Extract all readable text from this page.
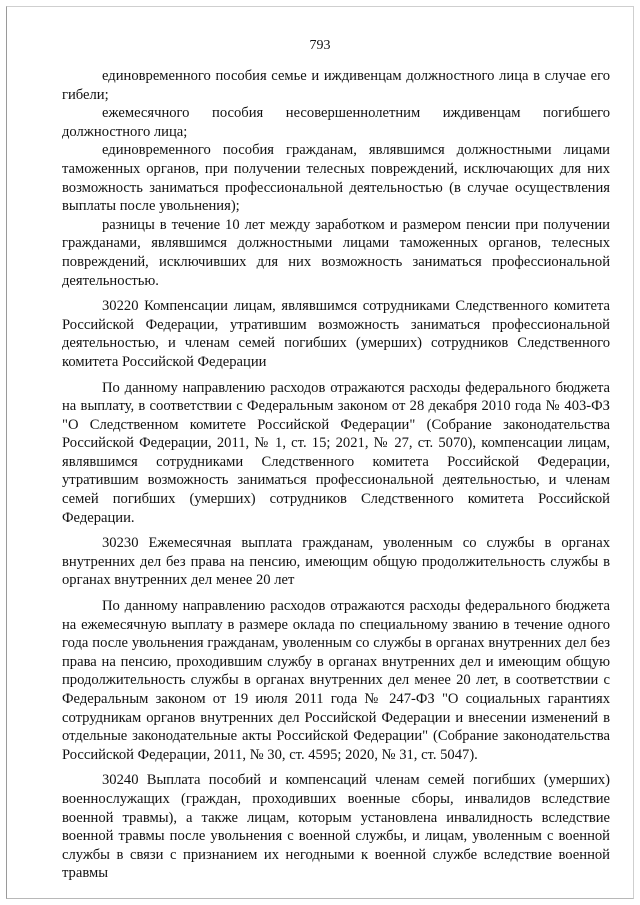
793

единовременного пособия семье и иждивенцам должностного лица в случае его гибели;

ежемесячного пособия несовершеннолетним иждивенцам погибшего должностного лица;

единовременного пособия гражданам, являвшимся должностными лицами таможенных органов, при получении телесных повреждений, исключающих для них возможность заниматься профессиональной деятельностью (в случае осуществления выплаты после увольнения);

разницы в течение 10 лет между заработком и размером пенсии при получении гражданами, являвшимся должностными лицами таможенных органов, телесных повреждений, исключивших для них возможность заниматься профессиональной деятельностью.

30220 Компенсации лицам, являвшимся сотрудниками Следственного комитета Российской Федерации, утратившим возможность заниматься профессиональной деятельностью, и членам семей погибших (умерших) сотрудников Следственного комитета Российской Федерации

По данному направлению расходов отражаются расходы федерального бюджета на выплату, в соответствии с Федеральным законом от 28 декабря 2010 года № 403-ФЗ "О Следственном комитете Российской Федерации" (Собрание законодательства Российской Федерации, 2011, № 1, ст. 15; 2021, № 27, ст. 5070), компенсации лицам, являвшимся сотрудниками Следственного комитета Российской Федерации, утратившим возможность заниматься профессиональной деятельностью, и членам семей погибших (умерших) сотрудников Следственного комитета Российской Федерации.

30230 Ежемесячная выплата гражданам, уволенным со службы в органах внутренних дел без права на пенсию, имеющим общую продолжительность службы в органах внутренних дел менее 20 лет

По данному направлению расходов отражаются расходы федерального бюджета на ежемесячную выплату в размере оклада по специальному званию в течение одного года после увольнения гражданам, уволенным со службы в органах внутренних дел без права на пенсию, проходившим службу в органах внутренних дел и имеющим общую продолжительность службы в органах внутренних дел менее 20 лет, в соответствии с Федеральным законом от 19 июля 2011 года № 247-ФЗ "О социальных гарантиях сотрудникам органов внутренних дел Российской Федерации и внесении изменений в отдельные законодательные акты Российской Федерации" (Собрание законодательства Российской Федерации, 2011, № 30, ст. 4595; 2020, № 31, ст. 5047).

30240 Выплата пособий и компенсаций членам семей погибших (умерших) военнослужащих (граждан, проходивших военные сборы, инвалидов вследствие военной травмы), а также лицам, которым установлена инвалидность вследствие военной травмы после увольнения с военной службы, и лицам, уволенным с военной службы в связи с признанием их негодными к военной службе вследствие военной травмы
